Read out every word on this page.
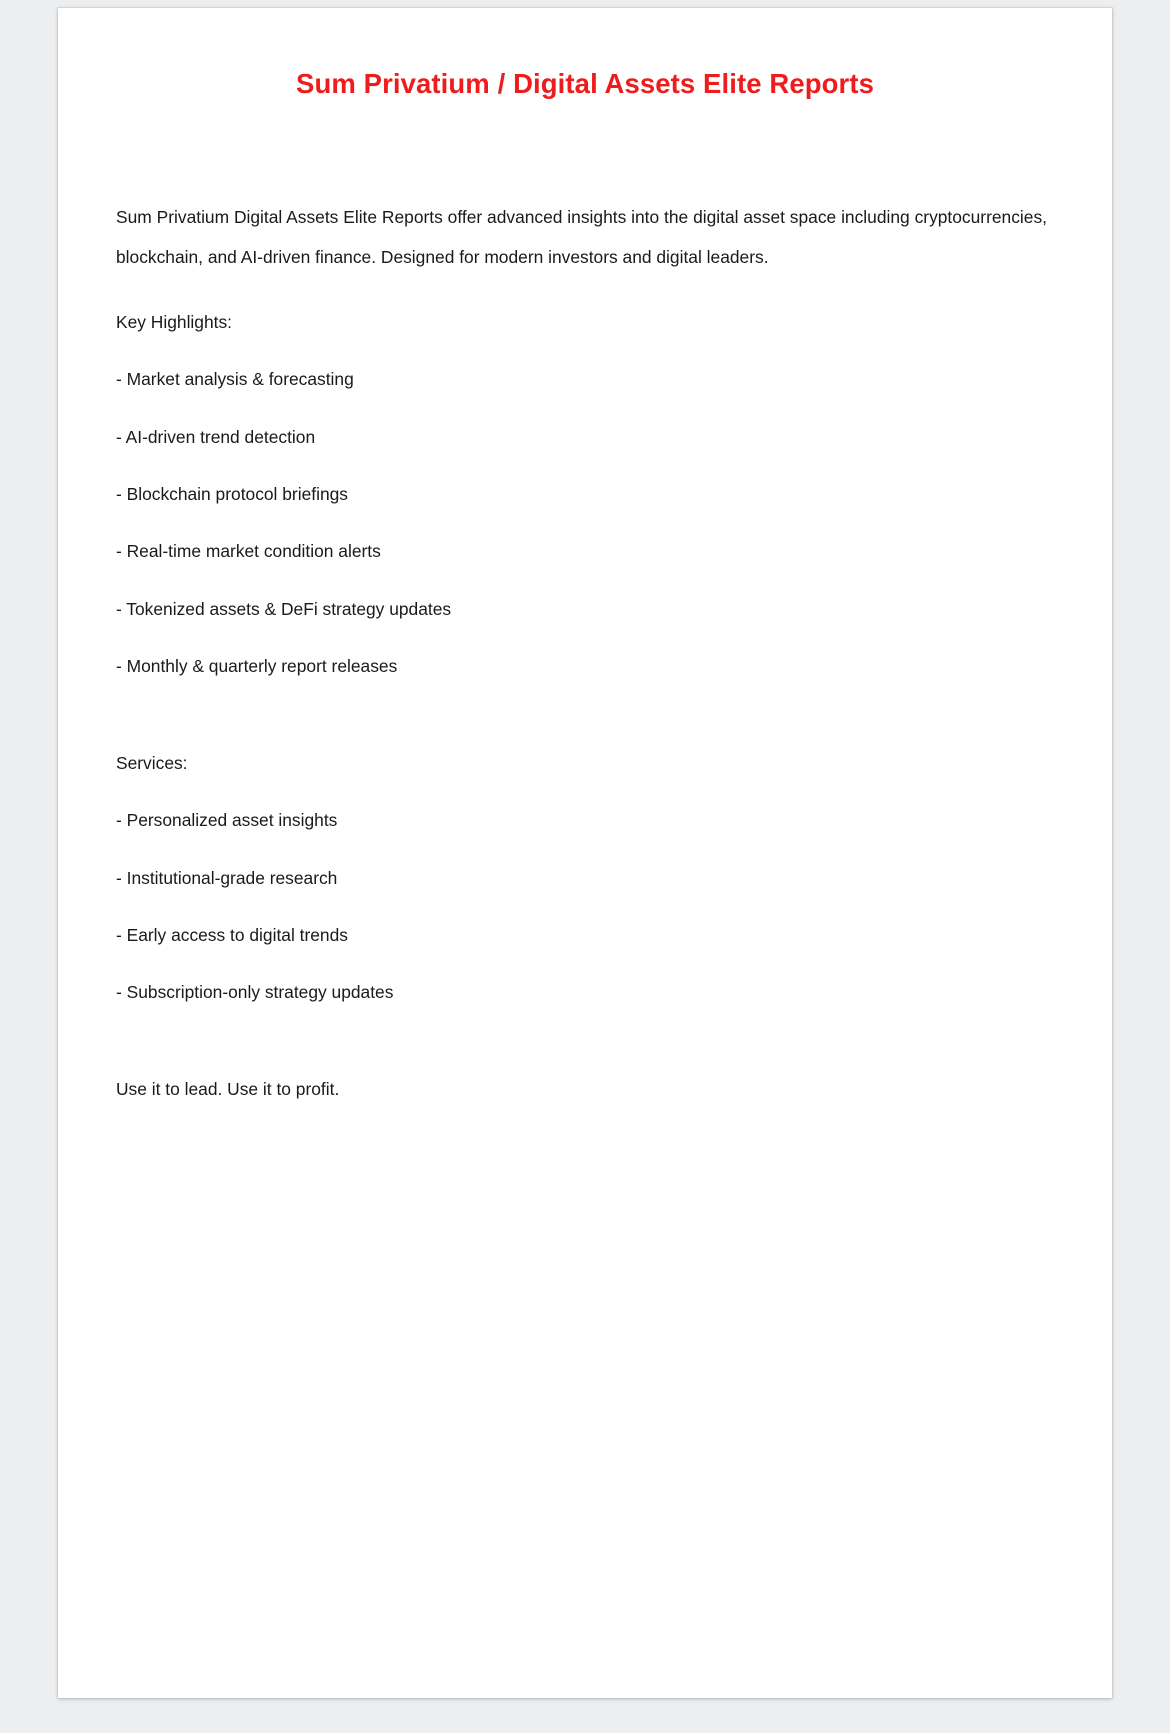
Sum Privatium / Digital Assets Elite Reports

Sum Privatium Digital Assets Elite Reports offer advanced insights into the digital asset space including cryptocurrencies, blockchain, and AI-driven finance. Designed for modern investors and digital leaders.

Key Highlights:
- Market analysis & forecasting
- AI-driven trend detection
- Blockchain protocol briefings
- Real-time market condition alerts
- Tokenized assets & DeFi strategy updates
- Monthly & quarterly report releases
Services:
- Personalized asset insights
- Institutional-grade research
- Early access to digital trends
- Subscription-only strategy updates
Use it to lead. Use it to profit.
